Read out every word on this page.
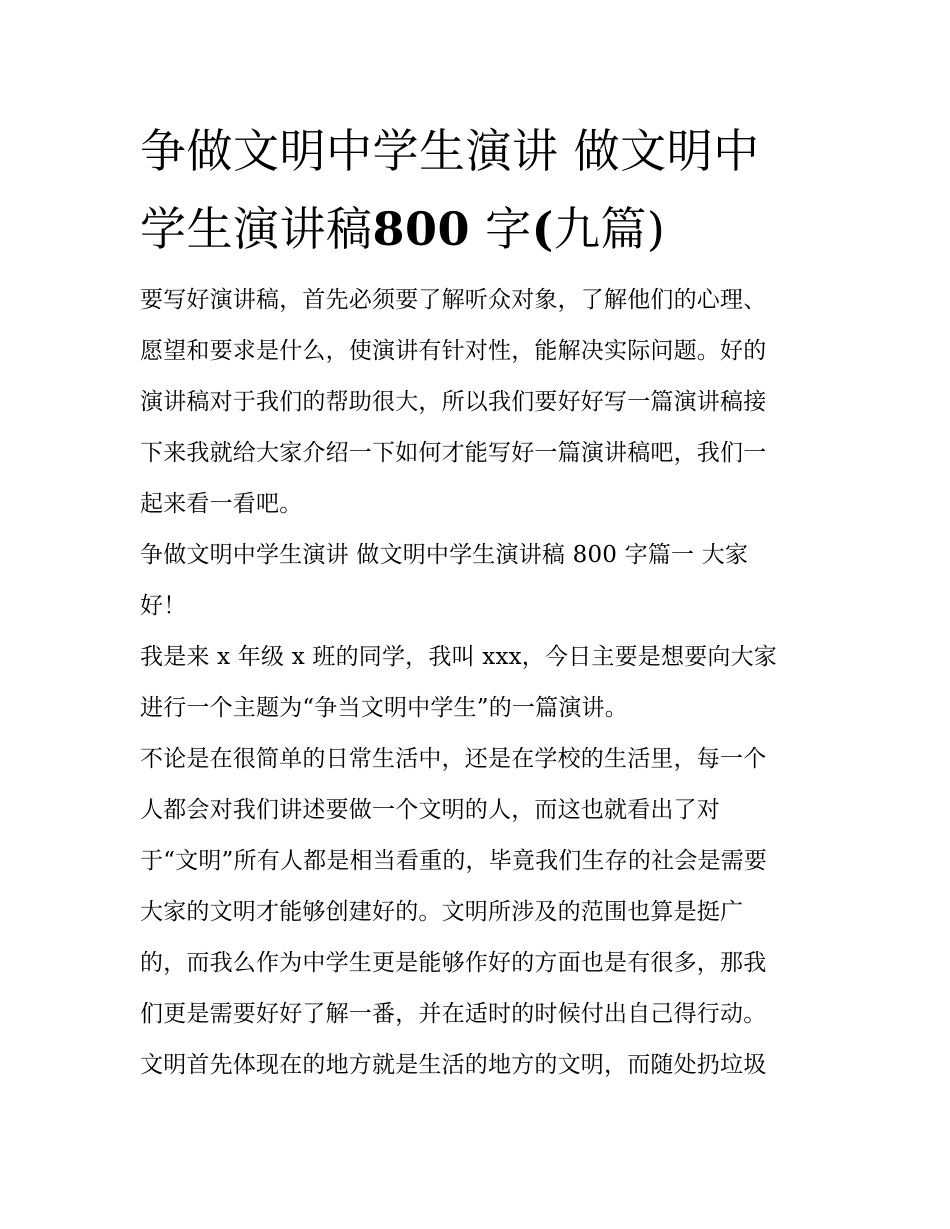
争做文明中学生演讲 做文明中
学生演讲稿800 字(九篇)
要写好演讲稿，首先必须要了解听众对象，了解他们的心理、
愿望和要求是什么，使演讲有针对性，能解决实际问题。好的
演讲稿对于我们的帮助很大，所以我们要好好写一篇演讲稿接
下来我就给大家介绍一下如何才能写好一篇演讲稿吧，我们一
起来看一看吧。
争做文明中学生演讲 做文明中学生演讲稿 800 字篇一 大家
好！
我是来 x 年级 x 班的同学，我叫 xxx，今日主要是想要向大家
进行一个主题为“争当文明中学生”的一篇演讲。
不论是在很简单的日常生活中，还是在学校的生活里，每一个
人都会对我们讲述要做一个文明的人，而这也就看出了对
于“文明”所有人都是相当看重的，毕竟我们生存的社会是需要
大家的文明才能够创建好的。文明所涉及的范围也算是挺广
的，而我么作为中学生更是能够作好的方面也是有很多，那我
们更是需要好好了解一番，并在适时的时候付出自己得行动。
文明首先体现在的地方就是生活的地方的文明，而随处扔垃圾
